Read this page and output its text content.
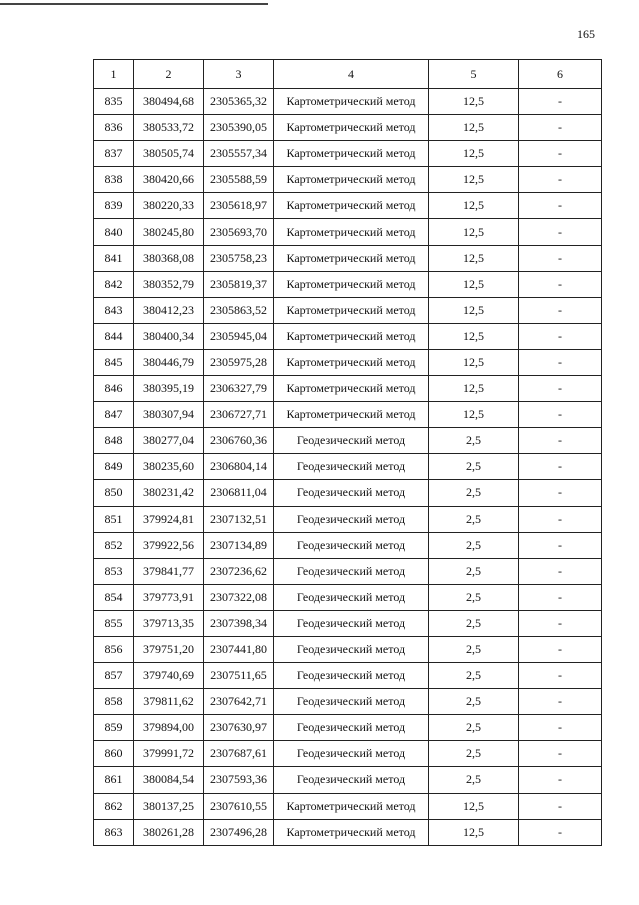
165
1	2	3	4	5	6
835	380494,68	2305365,32	Картометрический метод	12,5	-
836	380533,72	2305390,05	Картометрический метод	12,5	-
837	380505,74	2305557,34	Картометрический метод	12,5	-
838	380420,66	2305588,59	Картометрический метод	12,5	-
839	380220,33	2305618,97	Картометрический метод	12,5	-
840	380245,80	2305693,70	Картометрический метод	12,5	-
841	380368,08	2305758,23	Картометрический метод	12,5	-
842	380352,79	2305819,37	Картометрический метод	12,5	-
843	380412,23	2305863,52	Картометрический метод	12,5	-
844	380400,34	2305945,04	Картометрический метод	12,5	-
845	380446,79	2305975,28	Картометрический метод	12,5	-
846	380395,19	2306327,79	Картометрический метод	12,5	-
847	380307,94	2306727,71	Картометрический метод	12,5	-
848	380277,04	2306760,36	Геодезический метод	2,5	-
849	380235,60	2306804,14	Геодезический метод	2,5	-
850	380231,42	2306811,04	Геодезический метод	2,5	-
851	379924,81	2307132,51	Геодезический метод	2,5	-
852	379922,56	2307134,89	Геодезический метод	2,5	-
853	379841,77	2307236,62	Геодезический метод	2,5	-
854	379773,91	2307322,08	Геодезический метод	2,5	-
855	379713,35	2307398,34	Геодезический метод	2,5	-
856	379751,20	2307441,80	Геодезический метод	2,5	-
857	379740,69	2307511,65	Геодезический метод	2,5	-
858	379811,62	2307642,71	Геодезический метод	2,5	-
859	379894,00	2307630,97	Геодезический метод	2,5	-
860	379991,72	2307687,61	Геодезический метод	2,5	-
861	380084,54	2307593,36	Геодезический метод	2,5	-
862	380137,25	2307610,55	Картометрический метод	12,5	-
863	380261,28	2307496,28	Картометрический метод	12,5	-
